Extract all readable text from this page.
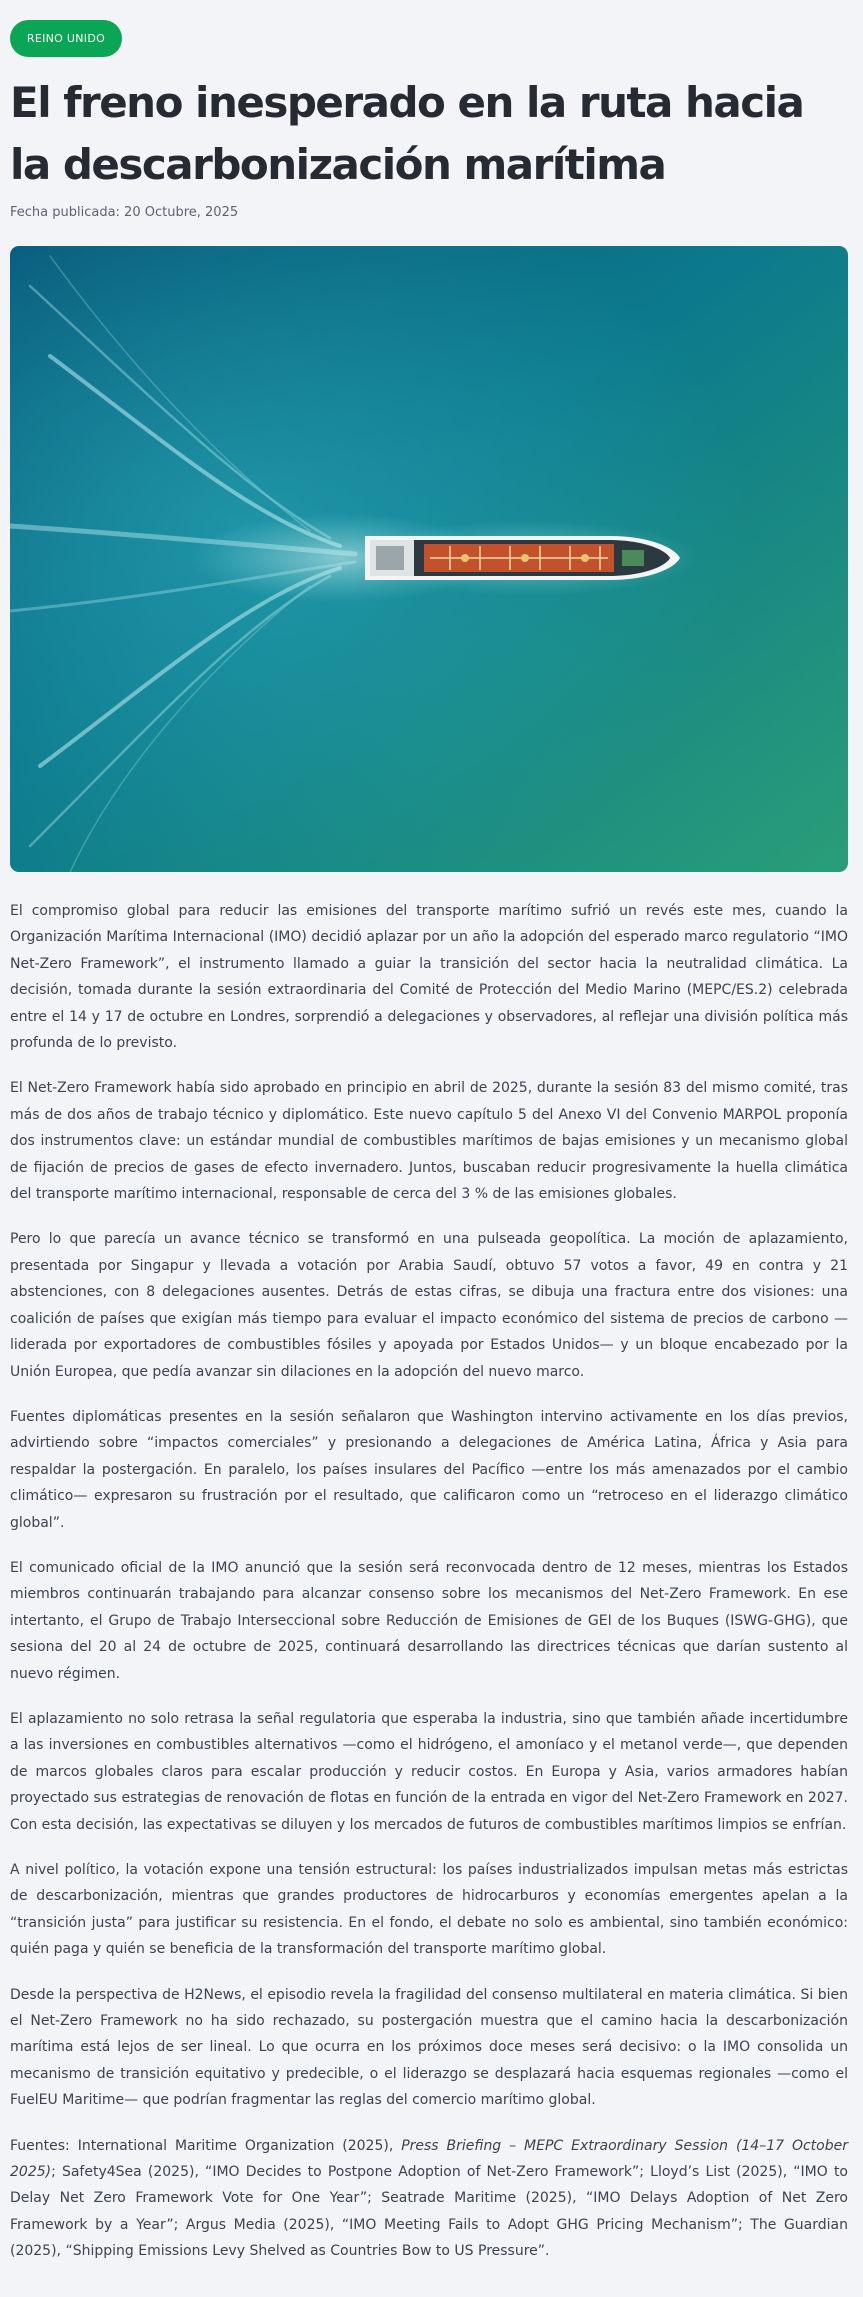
REINO UNIDO
El freno inesperado en la ruta hacia la descarbonización marítima
Fecha publicada: 20 Octubre, 2025

El compromiso global para reducir las emisiones del transporte marítimo sufrió un revés este mes, cuando la Organización Marítima Internacional (IMO) decidió aplazar por un año la adopción del esperado marco regulatorio “IMO Net-Zero Framework”, el instrumento llamado a guiar la transición del sector hacia la neutralidad climática. La decisión, tomada durante la sesión extraordinaria del Comité de Protección del Medio Marino (MEPC/ES.2) celebrada entre el 14 y 17 de octubre en Londres, sorprendió a delegaciones y observadores, al reflejar una división política más profunda de lo previsto.

El Net-Zero Framework había sido aprobado en principio en abril de 2025, durante la sesión 83 del mismo comité, tras más de dos años de trabajo técnico y diplomático. Este nuevo capítulo 5 del Anexo VI del Convenio MARPOL proponía dos instrumentos clave: un estándar mundial de combustibles marítimos de bajas emisiones y un mecanismo global de fijación de precios de gases de efecto invernadero. Juntos, buscaban reducir progresivamente la huella climática del transporte marítimo internacional, responsable de cerca del 3 % de las emisiones globales.

Pero lo que parecía un avance técnico se transformó en una pulseada geopolítica. La moción de aplazamiento, presentada por Singapur y llevada a votación por Arabia Saudí, obtuvo 57 votos a favor, 49 en contra y 21 abstenciones, con 8 delegaciones ausentes. Detrás de estas cifras, se dibuja una fractura entre dos visiones: una coalición de países que exigían más tiempo para evaluar el impacto económico del sistema de precios de carbono —liderada por exportadores de combustibles fósiles y apoyada por Estados Unidos— y un bloque encabezado por la Unión Europea, que pedía avanzar sin dilaciones en la adopción del nuevo marco.

Fuentes diplomáticas presentes en la sesión señalaron que Washington intervino activamente en los días previos, advirtiendo sobre “impactos comerciales” y presionando a delegaciones de América Latina, África y Asia para respaldar la postergación. En paralelo, los países insulares del Pacífico —entre los más amenazados por el cambio climático— expresaron su frustración por el resultado, que calificaron como un “retroceso en el liderazgo climático global”.

El comunicado oficial de la IMO anunció que la sesión será reconvocada dentro de 12 meses, mientras los Estados miembros continuarán trabajando para alcanzar consenso sobre los mecanismos del Net-Zero Framework. En ese intertanto, el Grupo de Trabajo Interseccional sobre Reducción de Emisiones de GEI de los Buques (ISWG-GHG), que sesiona del 20 al 24 de octubre de 2025, continuará desarrollando las directrices técnicas que darían sustento al nuevo régimen.

El aplazamiento no solo retrasa la señal regulatoria que esperaba la industria, sino que también añade incertidumbre a las inversiones en combustibles alternativos —como el hidrógeno, el amoníaco y el metanol verde—, que dependen de marcos globales claros para escalar producción y reducir costos. En Europa y Asia, varios armadores habían proyectado sus estrategias de renovación de flotas en función de la entrada en vigor del Net-Zero Framework en 2027. Con esta decisión, las expectativas se diluyen y los mercados de futuros de combustibles marítimos limpios se enfrían.

A nivel político, la votación expone una tensión estructural: los países industrializados impulsan metas más estrictas de descarbonización, mientras que grandes productores de hidrocarburos y economías emergentes apelan a la “transición justa” para justificar su resistencia. En el fondo, el debate no solo es ambiental, sino también económico: quién paga y quién se beneficia de la transformación del transporte marítimo global.

Desde la perspectiva de H2News, el episodio revela la fragilidad del consenso multilateral en materia climática. Si bien el Net-Zero Framework no ha sido rechazado, su postergación muestra que el camino hacia la descarbonización marítima está lejos de ser lineal. Lo que ocurra en los próximos doce meses será decisivo: o la IMO consolida un mecanismo de transición equitativo y predecible, o el liderazgo se desplazará hacia esquemas regionales —como el FuelEU Maritime— que podrían fragmentar las reglas del comercio marítimo global.

Fuentes: International Maritime Organization (2025), Press Briefing – MEPC Extraordinary Session (14–17 October 2025); Safety4Sea (2025), “IMO Decides to Postpone Adoption of Net-Zero Framework”; Lloyd’s List (2025), “IMO to Delay Net Zero Framework Vote for One Year”; Seatrade Maritime (2025), “IMO Delays Adoption of Net Zero Framework by a Year”; Argus Media (2025), “IMO Meeting Fails to Adopt GHG Pricing Mechanism”; The Guardian (2025), “Shipping Emissions Levy Shelved as Countries Bow to US Pressure”.
